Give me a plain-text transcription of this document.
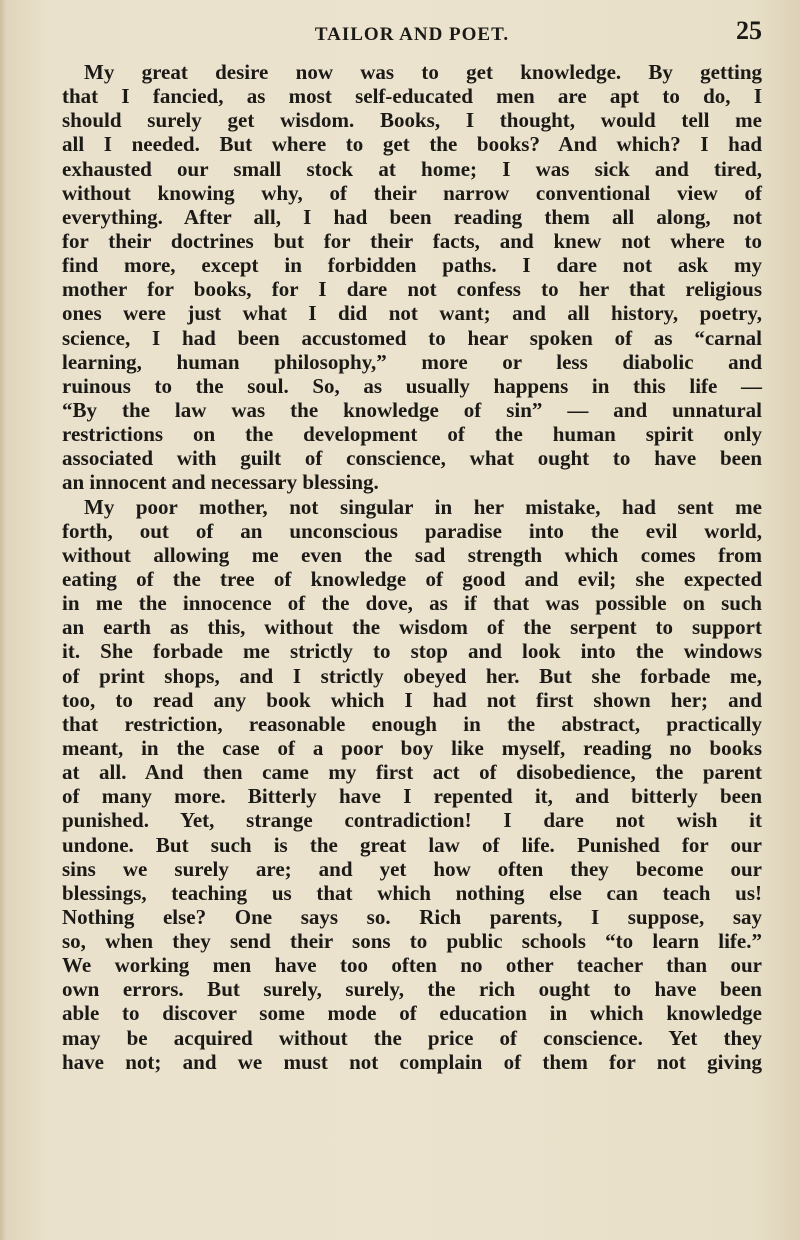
TAILOR AND POET.	25
My great desire now was to get knowledge. By getting
that I fancied, as most self-educated men are apt to do, I
should surely get wisdom. Books, I thought, would tell me
all I needed. But where to get the books? And which? I had
exhausted our small stock at home; I was sick and tired,
without knowing why, of their narrow conventional view of
everything. After all, I had been reading them all along, not
for their doctrines but for their facts, and knew not where to
find more, except in forbidden paths. I dare not ask my
mother for books, for I dare not confess to her that religious
ones were just what I did not want; and all history, poetry,
science, I had been accustomed to hear spoken of as “carnal
learning, human philosophy,” more or less diabolic and
ruinous to the soul. So, as usually happens in this life —
“By the law was the knowledge of sin” — and unnatural
restrictions on the development of the human spirit only
associated with guilt of conscience, what ought to have been
an innocent and necessary blessing.
My poor mother, not singular in her mistake, had sent me
forth, out of an unconscious paradise into the evil world,
without allowing me even the sad strength which comes from
eating of the tree of knowledge of good and evil; she expected
in me the innocence of the dove, as if that was possible on such
an earth as this, without the wisdom of the serpent to support
it. She forbade me strictly to stop and look into the windows
of print shops, and I strictly obeyed her. But she forbade me,
too, to read any book which I had not first shown her; and
that restriction, reasonable enough in the abstract, practically
meant, in the case of a poor boy like myself, reading no books
at all. And then came my first act of disobedience, the parent
of many more. Bitterly have I repented it, and bitterly been
punished. Yet, strange contradiction! I dare not wish it
undone. But such is the great law of life. Punished for our
sins we surely are; and yet how often they become our
blessings, teaching us that which nothing else can teach us!
Nothing else? One says so. Rich parents, I suppose, say
so, when they send their sons to public schools “to learn life.”
We working men have too often no other teacher than our
own errors. But surely, surely, the rich ought to have been
able to discover some mode of education in which knowledge
may be acquired without the price of conscience. Yet they
have not; and we must not complain of them for not giving
